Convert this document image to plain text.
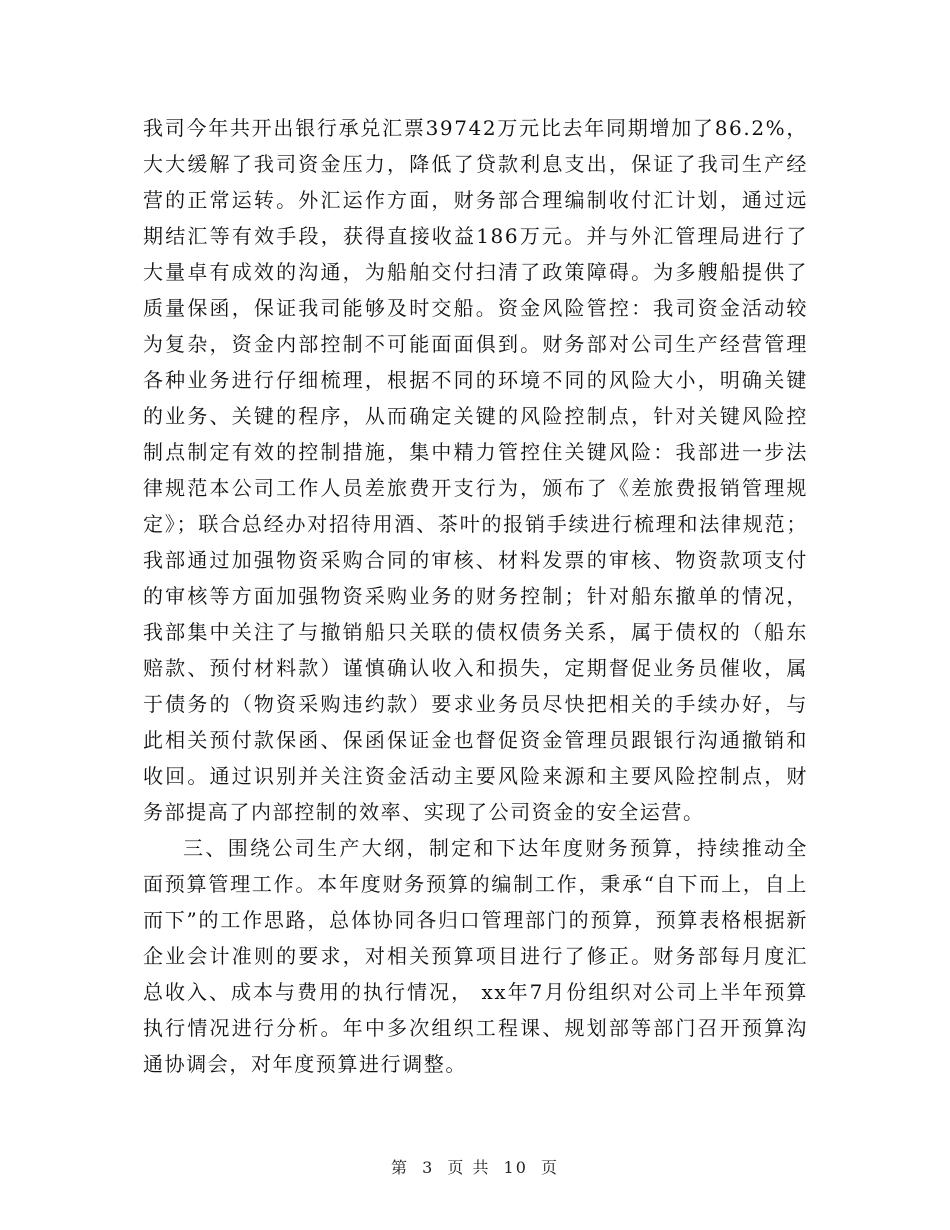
我司今年共开出银行承兑汇票39742万元比去年同期增加了86.2%，大大缓解了我司资金压力，降低了贷款利息支出，保证了我司生产经营的正常运转。外汇运作方面，财务部合理编制收付汇计划，通过远期结汇等有效手段，获得直接收益186万元。并与外汇管理局进行了大量卓有成效的沟通，为船舶交付扫清了政策障碍。为多艘船提供了质量保函，保证我司能够及时交船。资金风险管控：我司资金活动较为复杂，资金内部控制不可能面面俱到。财务部对公司生产经营管理各种业务进行仔细梳理，根据不同的环境不同的风险大小，明确关键的业务、关键的程序，从而确定关键的风险控制点，针对关键风险控制点制定有效的控制措施，集中精力管控住关键风险：我部进一步法律规范本公司工作人员差旅费开支行为，颁布了《差旅费报销管理规定》；联合总经办对招待用酒、茶叶的报销手续进行梳理和法律规范；我部通过加强物资采购合同的审核、材料发票的审核、物资款项支付的审核等方面加强物资采购业务的财务控制；针对船东撤单的情况，我部集中关注了与撤销船只关联的债权债务关系，属于债权的（船东赔款、预付材料款）谨慎确认收入和损失，定期督促业务员催收，属于债务的（物资采购违约款）要求业务员尽快把相关的手续办好，与此相关预付款保函、保函保证金也督促资金管理员跟银行沟通撤销和收回。通过识别并关注资金活动主要风险来源和主要风险控制点，财务部提高了内部控制的效率、实现了公司资金的安全运营。

三、围绕公司生产大纲，制定和下达年度财务预算，持续推动全面预算管理工作。本年度财务预算的编制工作，秉承“自下而上，自上而下”的工作思路，总体协同各归口管理部门的预算，预算表格根据新企业会计准则的要求，对相关预算项目进行了修正。财务部每月度汇总收入、成本与费用的执行情况， xx年7月份组织对公司上半年预算执行情况进行分析。年中多次组织工程课、规划部等部门召开预算沟通协调会，对年度预算进行调整。

第 3 页 共 10 页
